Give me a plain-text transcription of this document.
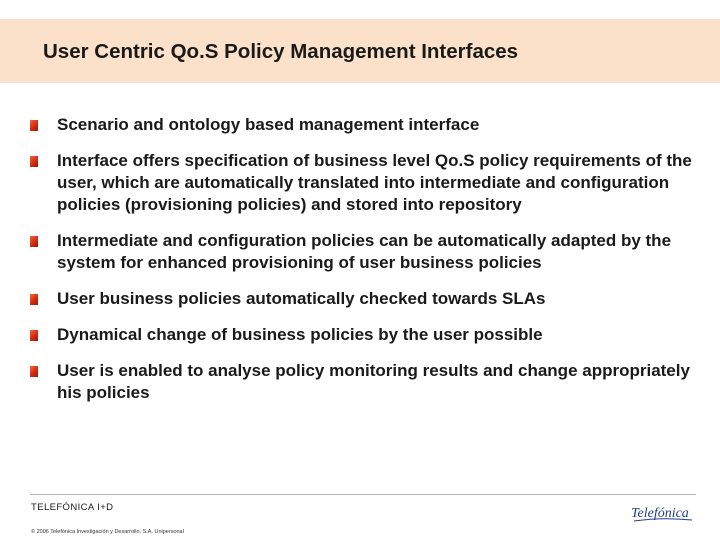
User Centric Qo.S Policy Management Interfaces
Scenario and ontology based management interface
Interface offers specification of business level Qo.S policy requirements of the user, which are automatically translated into intermediate and configuration policies (provisioning policies) and stored into repository
Intermediate and configuration policies can be automatically adapted by the system for enhanced provisioning of user business policies
User business policies automatically checked towards SLAs
Dynamical change of business policies by the user possible
User is enabled to analyse policy monitoring results and change appropriately his policies
TELEFÓNICA I+D
© 2006 Telefónica Investigación y Desarrollo, S.A. Unipersonal
Telefónica
